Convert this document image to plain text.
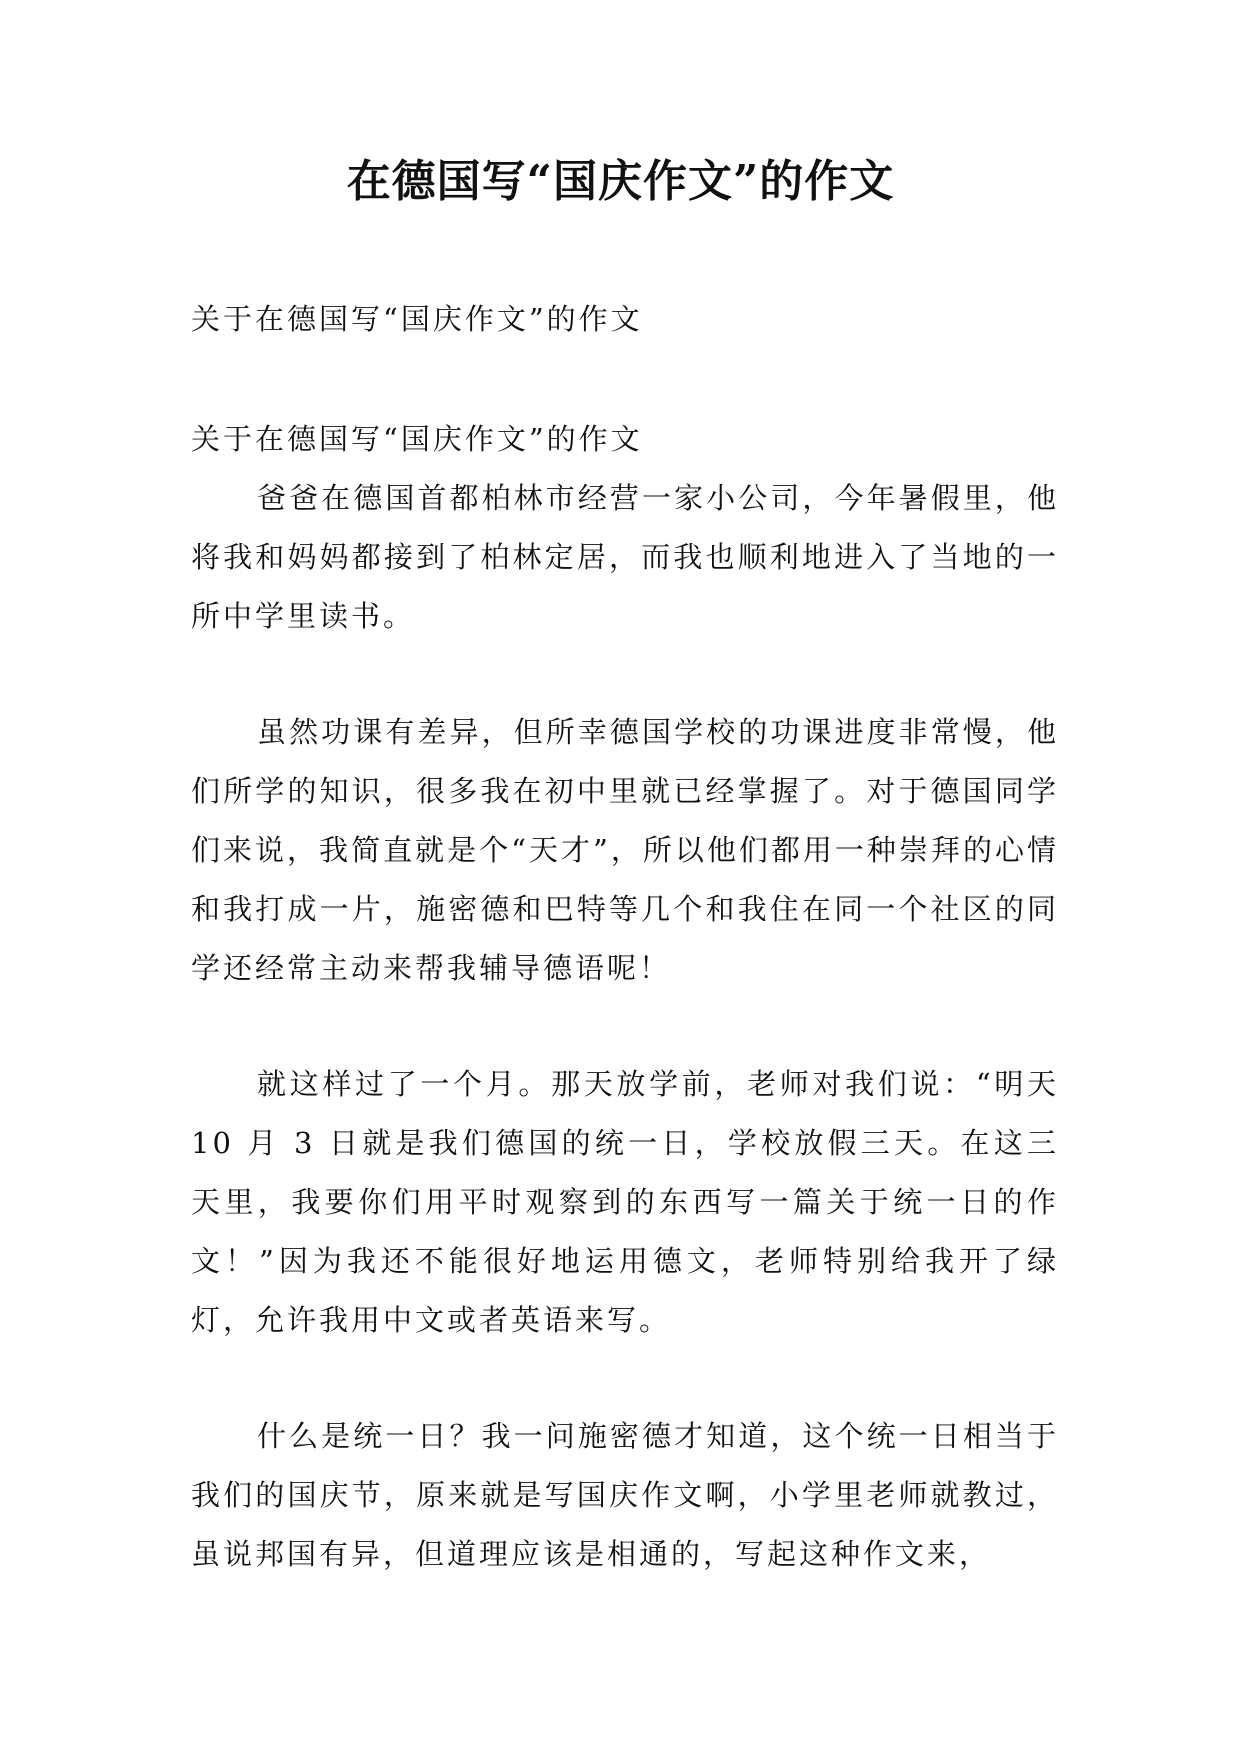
在德国写“国庆作文”的作文

关于在德国写“国庆作文”的作文

关于在德国写“国庆作文”的作文

爸爸在德国首都柏林市经营一家小公司，今年暑假里，他将我和妈妈都接到了柏林定居，而我也顺利地进入了当地的一所中学里读书。

虽然功课有差异，但所幸德国学校的功课进度非常慢，他们所学的知识，很多我在初中里就已经掌握了。对于德国同学们来说，我简直就是个“天才”，所以他们都用一种崇拜的心情和我打成一片，施密德和巴特等几个和我住在同一个社区的同学还经常主动来帮我辅导德语呢！

就这样过了一个月。那天放学前，老师对我们说：“明天 10 月 3 日就是我们德国的统一日，学校放假三天。在这三天里，我要你们用平时观察到的东西写一篇关于统一日的作文！”因为我还不能很好地运用德文，老师特别给我开了绿灯，允许我用中文或者英语来写。

什么是统一日？我一问施密德才知道，这个统一日相当于我们的国庆节，原来就是写国庆作文啊，小学里老师就教过，虽说邦国有异，但道理应该是相通的，写起这种作文来，
